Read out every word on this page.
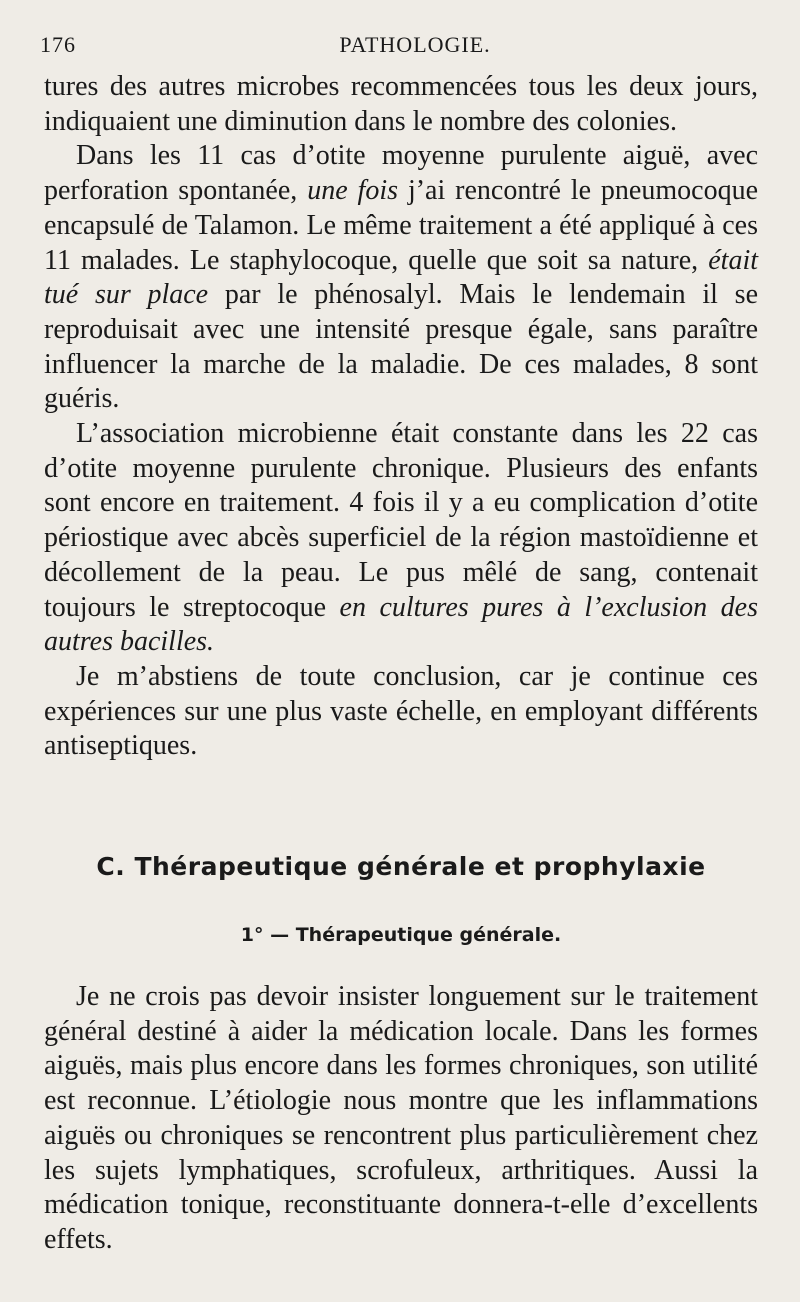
176	PATHOLOGIE.

tures des autres microbes recommencées tous les deux jours, indiquaient une diminution dans le nombre des colonies.

Dans les 11 cas d’otite moyenne purulente aiguë, avec perforation spontanée, une fois j’ai rencontré le pneumocoque encapsulé de Talamon. Le même traitement a été appliqué à ces 11 malades. Le staphylocoque, quelle que soit sa nature, était tué sur place par le phénosalyl. Mais le lendemain il se reproduisait avec une intensité presque égale, sans paraître influencer la marche de la maladie. De ces malades, 8 sont guéris.

L’association microbienne était constante dans les 22 cas d’otite moyenne purulente chronique. Plusieurs des enfants sont encore en traitement. 4 fois il y a eu complication d’otite périostique avec abcès superficiel de la région mastoïdienne et décollement de la peau. Le pus mêlé de sang, contenait toujours le streptocoque en cultures pures à l’exclusion des autres bacilles.

Je m’abstiens de toute conclusion, car je continue ces expériences sur une plus vaste échelle, en employant différents antiseptiques.

C. Thérapeutique générale et prophylaxie
1° — Thérapeutique générale.

Je ne crois pas devoir insister longuement sur le traitement général destiné à aider la médication locale. Dans les formes aiguës, mais plus encore dans les formes chroniques, son utilité est reconnue. L’étiologie nous montre que les inflammations aiguës ou chroniques se rencontrent plus particulièrement chez les sujets lymphatiques, scrofuleux, arthritiques. Aussi la médication tonique, reconstituante donnera-t-elle d’excellents effets.
